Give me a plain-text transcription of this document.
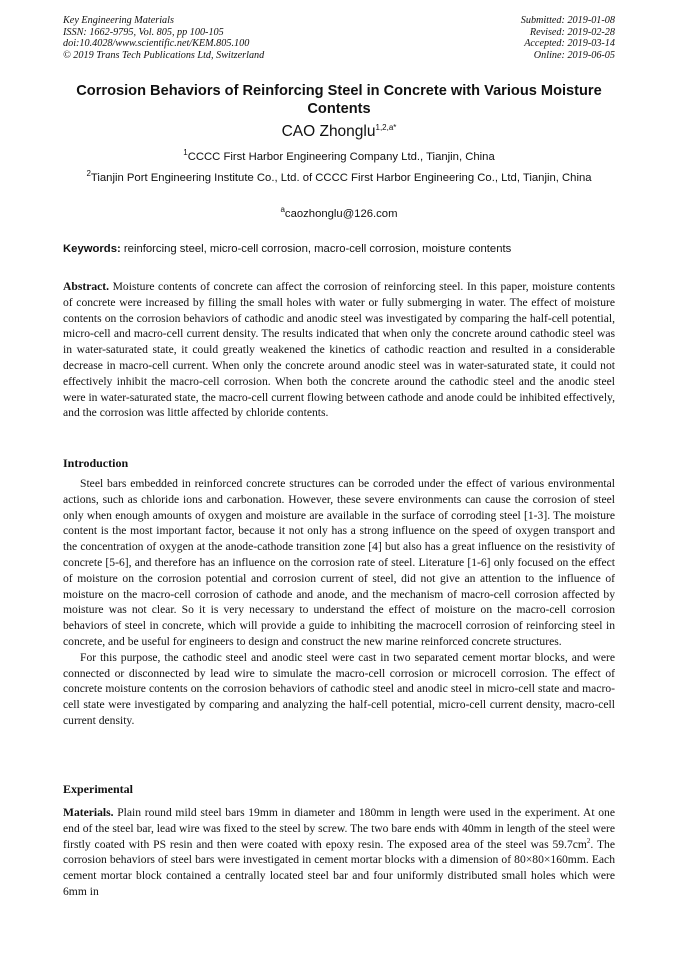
Key Engineering Materials
ISSN: 1662-9795, Vol. 805, pp 100-105
doi:10.4028/www.scientific.net/KEM.805.100
© 2019 Trans Tech Publications Ltd, Switzerland
Submitted: 2019-01-08
Revised: 2019-02-28
Accepted: 2019-03-14
Online: 2019-06-05
Corrosion Behaviors of Reinforcing Steel in Concrete with Various Moisture Contents
CAO Zhonglu$^{1,2,a*}$
$^1$CCCC First Harbor Engineering Company Ltd., Tianjin, China
$^2$Tianjin Port Engineering Institute Co., Ltd. of CCCC First Harbor Engineering Co., Ltd, Tianjin, China
$^a$caozhonglu@126.com
Keywords: reinforcing steel, micro-cell corrosion, macro-cell corrosion, moisture contents

Abstract. Moisture contents of concrete can affect the corrosion of reinforcing steel. In this paper, moisture contents of concrete were increased by filling the small holes with water or fully submerging in water. The effect of moisture contents on the corrosion behaviors of cathodic and anodic steel was investigated by comparing the half-cell potential, micro-cell and macro-cell current density. The results indicated that when only the concrete around cathodic steel was in water-saturated state, it could greatly weakened the kinetics of cathodic reaction and resulted in a considerable decrease in macro-cell current. When only the concrete around anodic steel was in water-saturated state, it could not effectively inhibit the macro-cell corrosion. When both the concrete around the cathodic steel and the anodic steel were in water-saturated state, the macro-cell current flowing between cathode and anode could be inhibited effectively, and the corrosion was little affected by chloride contents.

Introduction

Steel bars embedded in reinforced concrete structures can be corroded under the effect of various environmental actions, such as chloride ions and carbonation. However, these severe environments can cause the corrosion of steel only when enough amounts of oxygen and moisture are available in the surface of corroding steel [1-3]. The moisture content is the most important factor, because it not only has a strong influence on the speed of oxygen transport and the concentration of oxygen at the anode-cathode transition zone [4] but also has a great influence on the resistivity of concrete [5-6], and therefore has an influence on the corrosion rate of steel. Literature [1-6] only focused on the effect of moisture on the corrosion potential and corrosion current of steel, did not give an attention to the influence of moisture on the macro-cell corrosion of cathode and anode, and the mechanism of macro-cell corrosion affected by moisture was not clear. So it is very necessary to understand the effect of moisture on the macro-cell corrosion behaviors of steel in concrete, which will provide a guide to inhibiting the macrocell corrosion of reinforcing steel in concrete, and be useful for engineers to design and construct the new marine reinforced concrete structures.

For this purpose, the cathodic steel and anodic steel were cast in two separated cement mortar blocks, and were connected or disconnected by lead wire to simulate the macro-cell corrosion or microcell corrosion. The effect of concrete moisture contents on the corrosion behaviors of cathodic steel and anodic steel in micro-cell state and macro-cell state were investigated by comparing and analyzing the half-cell potential, micro-cell current density, macro-cell current density.

Experimental

Materials. Plain round mild steel bars 19mm in diameter and 180mm in length were used in the experiment. At one end of the steel bar, lead wire was fixed to the steel by screw. The two bare ends with 40mm in length of the steel were firstly coated with PS resin and then were coated with epoxy resin. The exposed area of the steel was $59.7cm^2$. The corrosion behaviors of steel bars were investigated in cement mortar blocks with a dimension of 80×80×160mm. Each cement mortar block contained a centrally located steel bar and four uniformly distributed small holes which were 6mm in
